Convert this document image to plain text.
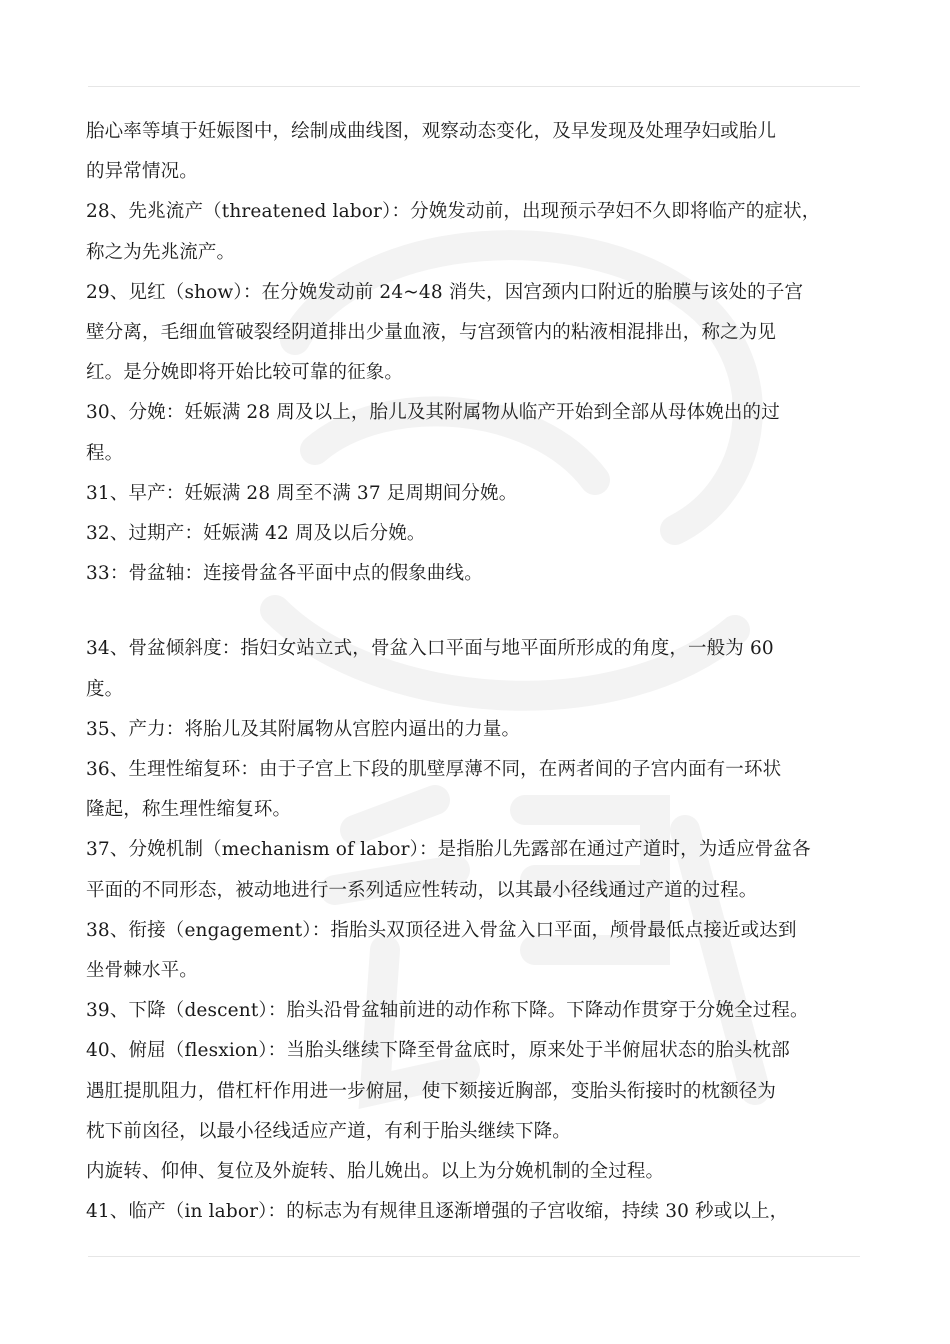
胎心率等填于妊娠图中，绘制成曲线图，观察动态变化，及早发现及处理孕妇或胎儿

的异常情况。

28、先兆流产（threatened labor）：分娩发动前，出现预示孕妇不久即将临产的症状，

称之为先兆流产。

29、见红（show）：在分娩发动前 24~48 消失，因宫颈内口附近的胎膜与该处的子宫

壁分离，毛细血管破裂经阴道排出少量血液，与宫颈管内的粘液相混排出，称之为见

红。是分娩即将开始比较可靠的征象。

30、分娩：妊娠满 28 周及以上，胎儿及其附属物从临产开始到全部从母体娩出的过

程。

31、早产：妊娠满 28 周至不满 37 足周期间分娩。

32、过期产：妊娠满 42 周及以后分娩。

33：骨盆轴：连接骨盆各平面中点的假象曲线。

34、骨盆倾斜度：指妇女站立式，骨盆入口平面与地平面所形成的角度，一般为 60

度。

35、产力：将胎儿及其附属物从宫腔内逼出的力量。

36、生理性缩复环：由于子宫上下段的肌壁厚薄不同，在两者间的子宫内面有一环状

隆起，称生理性缩复环。

37、分娩机制（mechanism of labor）：是指胎儿先露部在通过产道时，为适应骨盆各

平面的不同形态，被动地进行一系列适应性转动，以其最小径线通过产道的过程。

38、衔接（engagement）：指胎头双顶径进入骨盆入口平面，颅骨最低点接近或达到

坐骨棘水平。

39、下降（descent）：胎头沿骨盆轴前进的动作称下降。下降动作贯穿于分娩全过程。

40、俯屈（flesxion）：当胎头继续下降至骨盆底时，原来处于半俯屈状态的胎头枕部

遇肛提肌阻力，借杠杆作用进一步俯屈，使下颏接近胸部，变胎头衔接时的枕额径为

枕下前囟径，以最小径线适应产道，有利于胎头继续下降。

内旋转、仰伸、复位及外旋转、胎儿娩出。以上为分娩机制的全过程。

41、临产（in labor）：的标志为有规律且逐渐增强的子宫收缩，持续 30 秒或以上，
